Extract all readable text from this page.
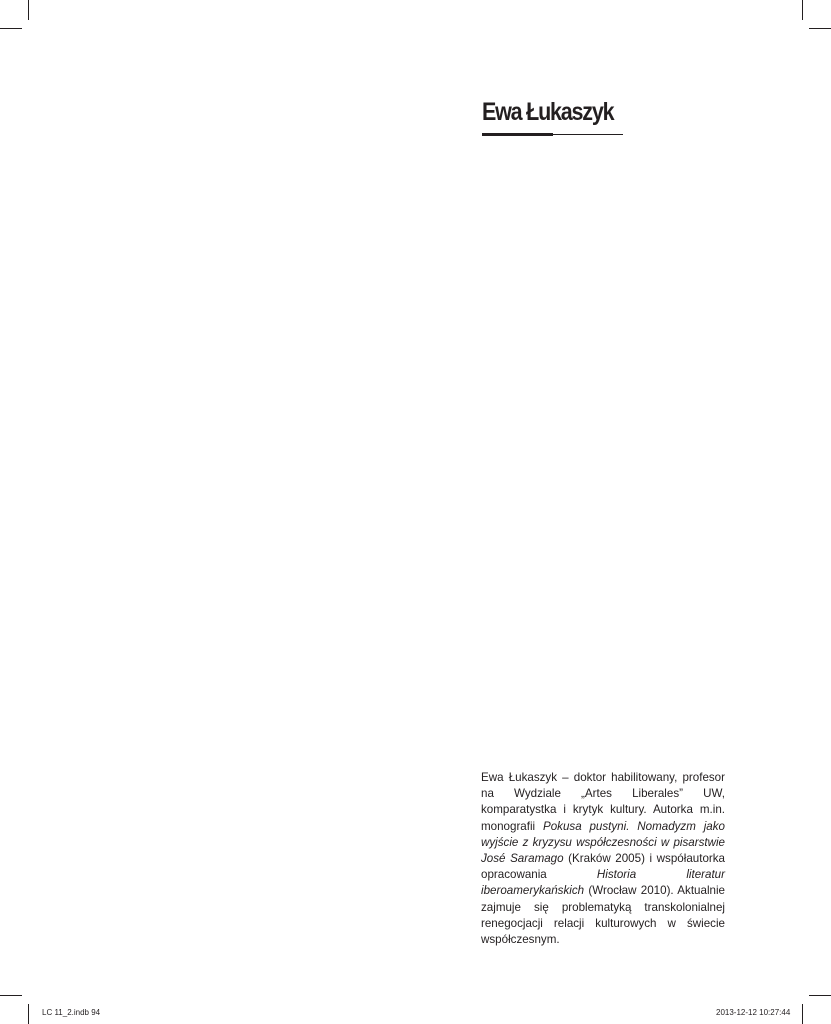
Ewa Łukaszyk

Ewa Łukaszyk – doktor habilitowany, profesor na Wydziale „Artes Liberales” UW, komparatystka i krytyk kultury. Autorka m.in. monografii Pokusa pustyni. Nomadyzm jako wyjście z kryzysu współczesności w pisarstwie José Saramago (Kraków 2005) i współautorka opracowania Historia literatur iberoamerykańskich (Wrocław 2010). Aktualnie zajmuje się problematyką transkolonialnej renegocjacji relacji kulturowych w świecie współczesnym.

LC 11_2.indb 94	2013-12-12 10:27:44
